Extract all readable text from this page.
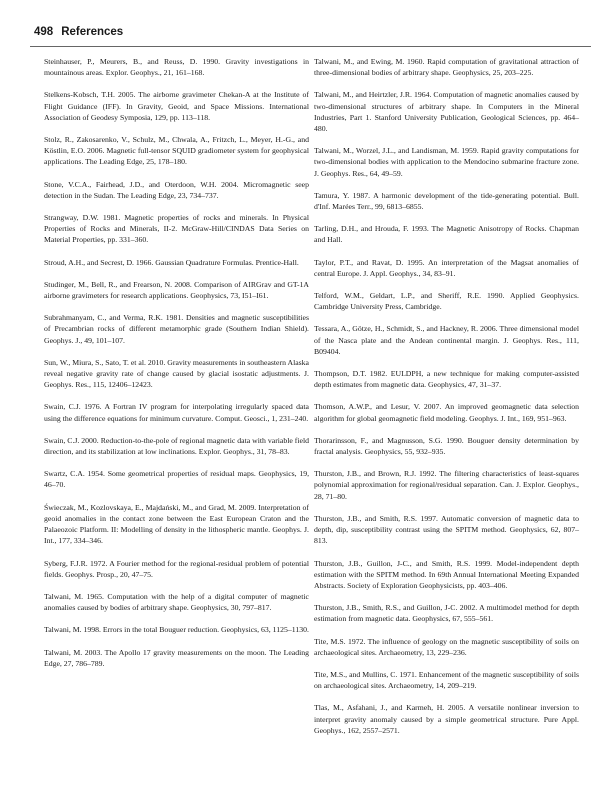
498 References

Steinhauser, P., Meurers, B., and Reuss, D. 1990. Gravity investigations in mountainous areas. Explor. Geophys., 21, 161–168.

Stelkens-Kobsch, T.H. 2005. The airborne gravimeter Chekan-A at the Institute of Flight Guidance (IFF). In Gravity, Geoid, and Space Missions. International Association of Geodesy Symposia, 129, pp. 113–118.

Stolz, R., Zakosarenko, V., Schulz, M., Chwala, A., Fritzch, L., Meyer, H.-G., and Köstlin, E.O. 2006. Magnetic full-tensor SQUID gradiometer system for geophysical applications. The Leading Edge, 25, 178–180.

Stone, V.C.A., Fairhead, J.D., and Oterdoon, W.H. 2004. Micromagnetic seep detection in the Sudan. The Leading Edge, 23, 734–737.

Strangway, D.W. 1981. Magnetic properties of rocks and minerals. In Physical Properties of Rocks and Minerals, II-2. McGraw-Hill/CINDAS Data Series on Material Properties, pp. 331–360.

Stroud, A.H., and Secrest, D. 1966. Gaussian Quadrature Formulas. Prentice-Hall.

Studinger, M., Bell, R., and Frearson, N. 2008. Comparison of AIRGrav and GT-1A airborne gravimeters for research applications. Geophysics, 73, I51–I61.

Subrahmanyam, C., and Verma, R.K. 1981. Densities and magnetic susceptibilities of Precambrian rocks of different metamorphic grade (Southern Indian Shield). Geophys. J., 49, 101–107.

Sun, W., Miura, S., Sato, T. et al. 2010. Gravity measurements in southeastern Alaska reveal negative gravity rate of change caused by glacial isostatic adjustments. J. Geophys. Res., 115, 12406–12423.

Swain, C.J. 1976. A Fortran IV program for interpolating irregularly spaced data using the difference equations for minimum curvature. Comput. Geosci., 1, 231–240.

Swain, C.J. 2000. Reduction-to-the-pole of regional magnetic data with variable field direction, and its stabilization at low inclinations. Explor. Geophys., 31, 78–83.

Swartz, C.A. 1954. Some geometrical properties of residual maps. Geophysics, 19, 46–70.

Świeczak, M., Kozlovskaya, E., Majdański, M., and Grad, M. 2009. Interpretation of geoid anomalies in the contact zone between the East European Craton and the Palaeozoic Platform. II: Modelling of density in the lithospheric mantle. Geophys. J. Int., 177, 334–346.

Syberg, F.J.R. 1972. A Fourier method for the regional-residual problem of potential fields. Geophys. Prosp., 20, 47–75.

Talwani, M. 1965. Computation with the help of a digital computer of magnetic anomalies caused by bodies of arbitrary shape. Geophysics, 30, 797–817.

Talwani, M. 1998. Errors in the total Bouguer reduction. Geophysics, 63, 1125–1130.

Talwani, M. 2003. The Apollo 17 gravity measurements on the moon. The Leading Edge, 27, 786–789.

Talwani, M., and Ewing, M. 1960. Rapid computation of gravitational attraction of three-dimensional bodies of arbitrary shape. Geophysics, 25, 203–225.

Talwani, M., and Heirtzler, J.R. 1964. Computation of magnetic anomalies caused by two-dimensional structures of arbitrary shape. In Computers in the Mineral Industries, Part 1. Stanford University Publication, Geological Sciences, pp. 464–480.

Talwani, M., Worzel, J.L., and Landisman, M. 1959. Rapid gravity computations for two-dimensional bodies with application to the Mendocino submarine fracture zone. J. Geophys. Res., 64, 49–59.

Tamura, Y. 1987. A harmonic development of the tide-generating potential. Bull. d'Inf. Marées Terr., 99, 6813–6855.

Tarling, D.H., and Hrouda, F. 1993. The Magnetic Anisotropy of Rocks. Chapman and Hall.

Taylor, P.T., and Ravat, D. 1995. An interpretation of the Magsat anomalies of central Europe. J. Appl. Geophys., 34, 83–91.

Telford, W.M., Geldart, L.P., and Sheriff, R.E. 1990. Applied Geophysics. Cambridge University Press, Cambridge.

Tessara, A., Götze, H., Schmidt, S., and Hackney, R. 2006. Three dimensional model of the Nasca plate and the Andean continental margin. J. Geophys. Res., 111, B09404.

Thompson, D.T. 1982. EULDPH, a new technique for making computer-assisted depth estimates from magnetic data. Geophysics, 47, 31–37.

Thomson, A.W.P., and Lesur, V. 2007. An improved geomagnetic data selection algorithm for global geomagnetic field modeling. Geophys. J. Int., 169, 951–963.

Thorarinsson, F., and Magnusson, S.G. 1990. Bouguer density determination by fractal analysis. Geophysics, 55, 932–935.

Thurston, J.B., and Brown, R.J. 1992. The filtering characteristics of least-squares polynomial approximation for regional/residual separation. Can. J. Explor. Geophys., 28, 71–80.

Thurston, J.B., and Smith, R.S. 1997. Automatic conversion of magnetic data to depth, dip, susceptibility contrast using the SPITM method. Geophysics, 62, 807–813.

Thurston, J.B., Guillon, J-C., and Smith, R.S. 1999. Model-independent depth estimation with the SPITM method. In 69th Annual International Meeting Expanded Abstracts. Society of Exploration Geophysicists, pp. 403–406.

Thurston, J.B., Smith, R.S., and Guillon, J-C. 2002. A multimodel method for depth estimation from magnetic data. Geophysics, 67, 555–561.

Tite, M.S. 1972. The influence of geology on the magnetic susceptibility of soils on archaeological sites. Archaeometry, 13, 229–236.

Tite, M.S., and Mullins, C. 1971. Enhancement of the magnetic susceptibility of soils on archaeological sites. Archaeometry, 14, 209–219.

Tlas, M., Asfahani, J., and Karmeh, H. 2005. A versatile nonlinear inversion to interpret gravity anomaly caused by a simple geometrical structure. Pure Appl. Geophys., 162, 2557–2571.
